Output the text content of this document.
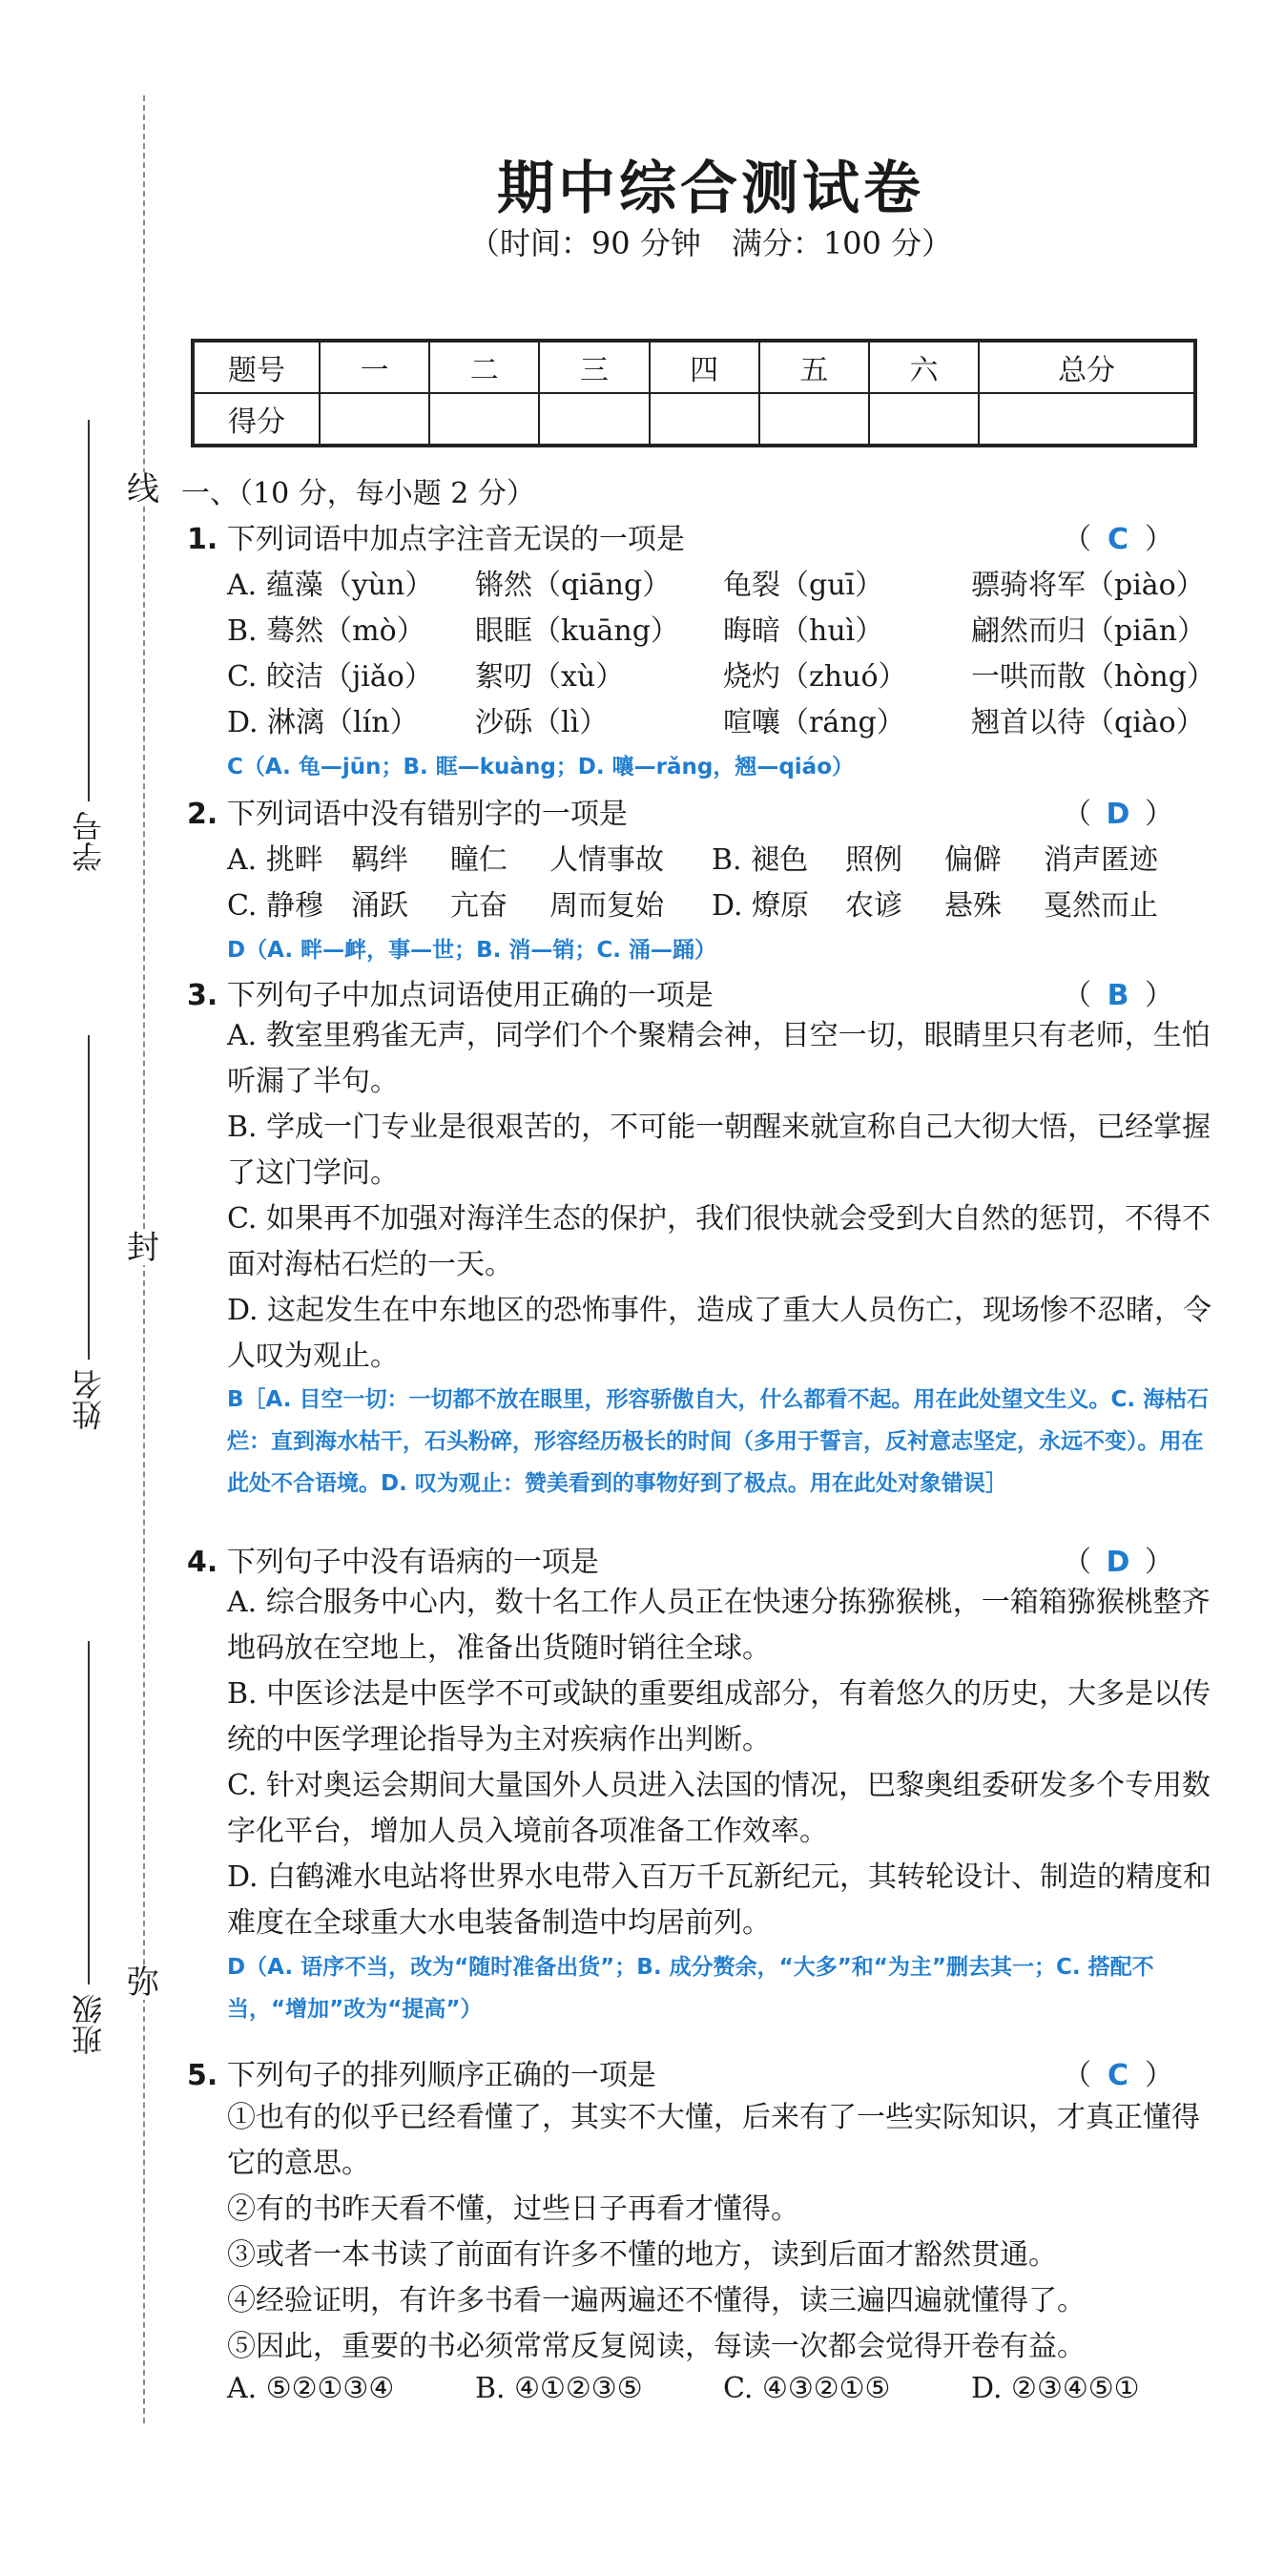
线
封
弥
学号
姓名
班级
期中综合测试卷
（时间：90 分钟　满分：100 分）
题号	一	二	三	四	五	六	总分
得分							
一、（10 分，每小题 2 分）
1. 下列词语中加点字注音无误的一项是	（ C ）
A. 蕴藻（yùn）	锵然（qiāng）	龟裂（guī）	骠骑将军（piào）
B. 蓦然（mò）	眼眶（kuāng）	晦暗（huì）	翩然而归（piān）
C. 皎洁（jiǎo）	絮叨（xù）	烧灼（zhuó）	一哄而散（hòng）
D. 淋漓（lín）	沙砾（lì）	喧嚷（ráng）	翘首以待（qiào）
C（A. 龟—jūn；B. 眶—kuàng；D. 嚷—rǎng，翘—qiáo）
2. 下列词语中没有错别字的一项是	（ D ）
A. 挑畔 羁绊	瞳仁	人情事故	B. 褪色	照例	偏僻	消声匿迹
C. 静穆 涌跃	亢奋	周而复始	D. 燎原	农谚	悬殊	戛然而止
D（A. 畔—衅，事—世；B. 消—销；C. 涌—踊）
3. 下列句子中加点词语使用正确的一项是	（ B ）
A. 教室里鸦雀无声，同学们个个聚精会神，目空一切，眼睛里只有老师，生怕听漏了半句。
B. 学成一门专业是很艰苦的，不可能一朝醒来就宣称自己大彻大悟，已经掌握了这门学问。
C. 如果再不加强对海洋生态的保护，我们很快就会受到大自然的惩罚，不得不面对海枯石烂的一天。
D. 这起发生在中东地区的恐怖事件，造成了重大人员伤亡，现场惨不忍睹，令人叹为观止。
B［A. 目空一切：一切都不放在眼里，形容骄傲自大，什么都看不起。用在此处望文生义。C. 海枯石烂：直到海水枯干，石头粉碎，形容经历极长的时间（多用于誓言，反衬意志坚定，永远不变）。用在此处不合语境。D. 叹为观止：赞美看到的事物好到了极点。用在此处对象错误］
4. 下列句子中没有语病的一项是	（ D ）
A. 综合服务中心内，数十名工作人员正在快速分拣猕猴桃，一箱箱猕猴桃整齐地码放在空地上，准备出货随时销往全球。
B. 中医诊法是中医学不可或缺的重要组成部分，有着悠久的历史，大多是以传统的中医学理论指导为主对疾病作出判断。
C. 针对奥运会期间大量国外人员进入法国的情况，巴黎奥组委研发多个专用数字化平台，增加人员入境前各项准备工作效率。
D. 白鹤滩水电站将世界水电带入百万千瓦新纪元，其转轮设计、制造的精度和难度在全球重大水电装备制造中均居前列。
D（A. 语序不当，改为“随时准备出货”；B. 成分赘余，“大多”和“为主”删去其一；C. 搭配不当，“增加”改为“提高”）
5. 下列句子的排列顺序正确的一项是	（ C ）
①也有的似乎已经看懂了，其实不大懂，后来有了一些实际知识，才真正懂得它的意思。
②有的书昨天看不懂，过些日子再看才懂得。
③或者一本书读了前面有许多不懂的地方，读到后面才豁然贯通。
④经验证明，有许多书看一遍两遍还不懂得，读三遍四遍就懂得了。
⑤因此，重要的书必须常常反复阅读，每读一次都会觉得开卷有益。
A. ⑤②①③④	B. ④①②③⑤	C. ④③②①⑤	D. ②③④⑤①
